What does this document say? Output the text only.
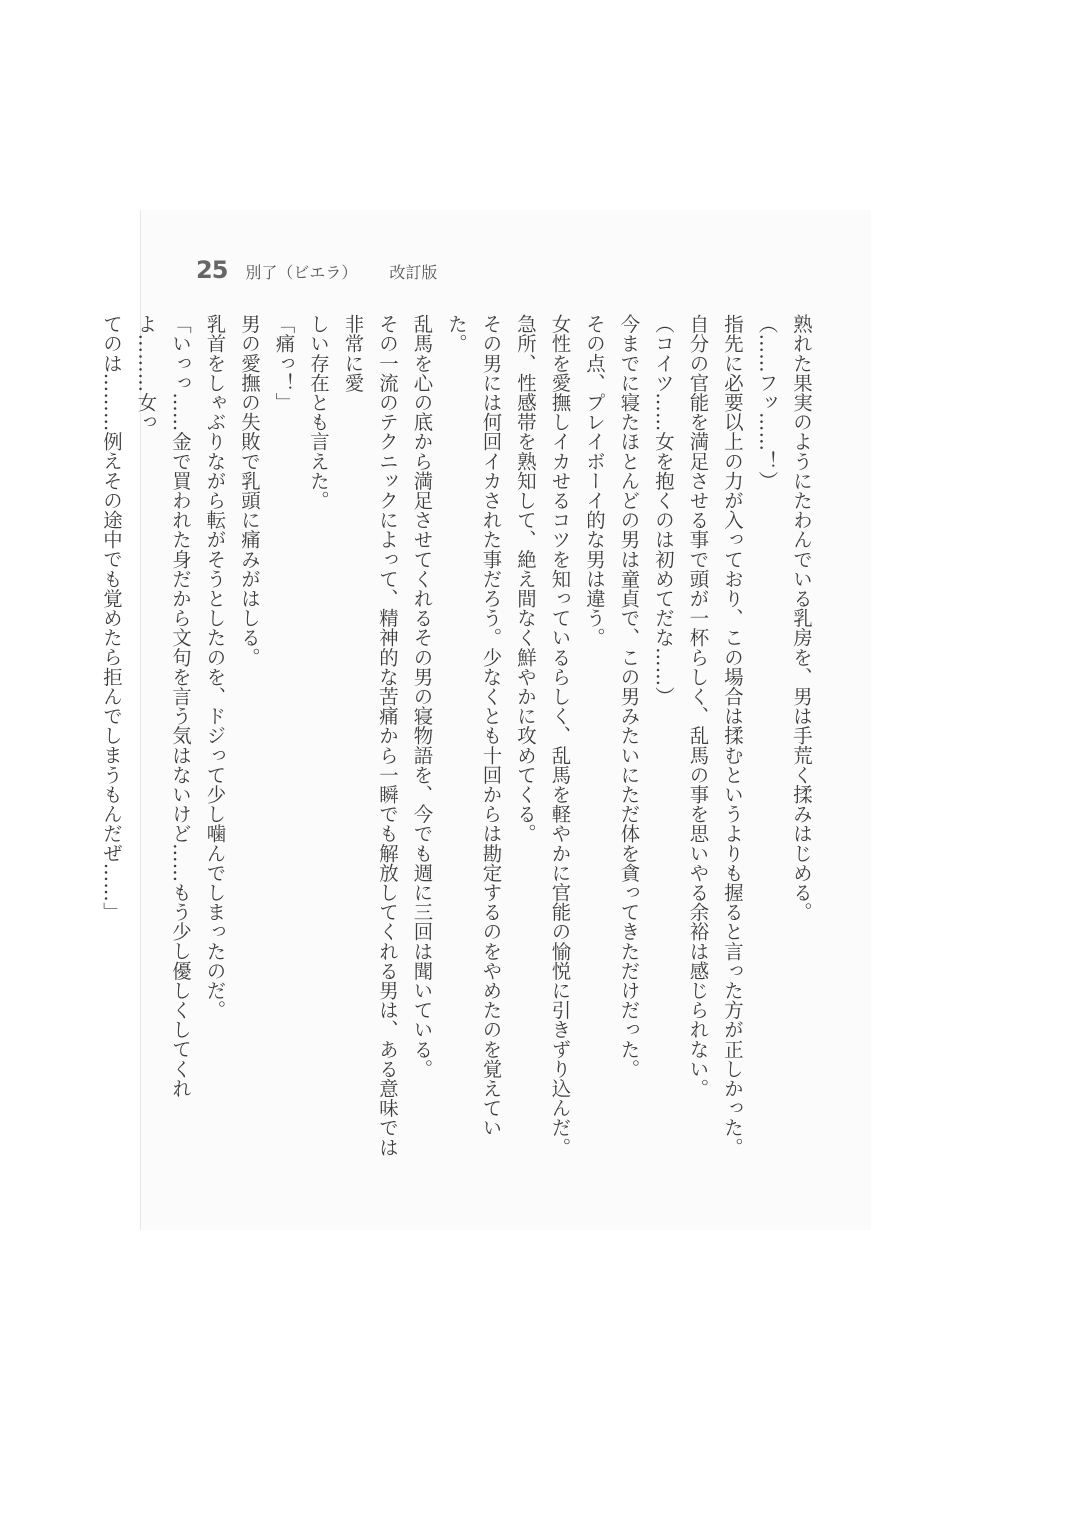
25 別了（ビエラ） 改訂版

熟れた果実のようにたわんでいる乳房を、男は手荒く揉みはじめる。

（……フッ……！）

指先に必要以上の力が入っており、この場合は揉むというよりも握ると言った方が正しかった。

自分の官能を満足させる事で頭が一杯らしく、乱馬の事を思いやる余裕は感じられない。

（コイツ……女を抱くのは初めてだな……）

今までに寝たほとんどの男は童貞で、この男みたいにただ体を貪ってきただけだった。

その点、プレイボーイ的な男は違う。

女性を愛撫しイカせるコツを知っているらしく、乱馬を軽やかに官能の愉悦に引きずり込んだ。

急所、性感帯を熟知して、絶え間なく鮮やかに攻めてくる。

その男には何回イカされた事だろう。少なくとも十回からは勘定するのをやめたのを覚えていた。

乱馬を心の底から満足させてくれるその男の寝物語を、今でも週に三回は聞いている。

その一流のテクニックによって、精神的な苦痛から一瞬でも解放してくれる男は、ある意味では非常に愛

しい存在とも言えた。

「痛っ！」

男の愛撫の失敗で乳頭に痛みがはしる。

乳首をしゃぶりながら転がそうとしたのを、ドジって少し噛んでしまったのだ。

「いっっ……金で買われた身だから文句を言う気はないけど……もう少し優しくしてくれよ………女っ

てのは………例えその途中でも覚めたら拒んでしまうもんだぜ……」
